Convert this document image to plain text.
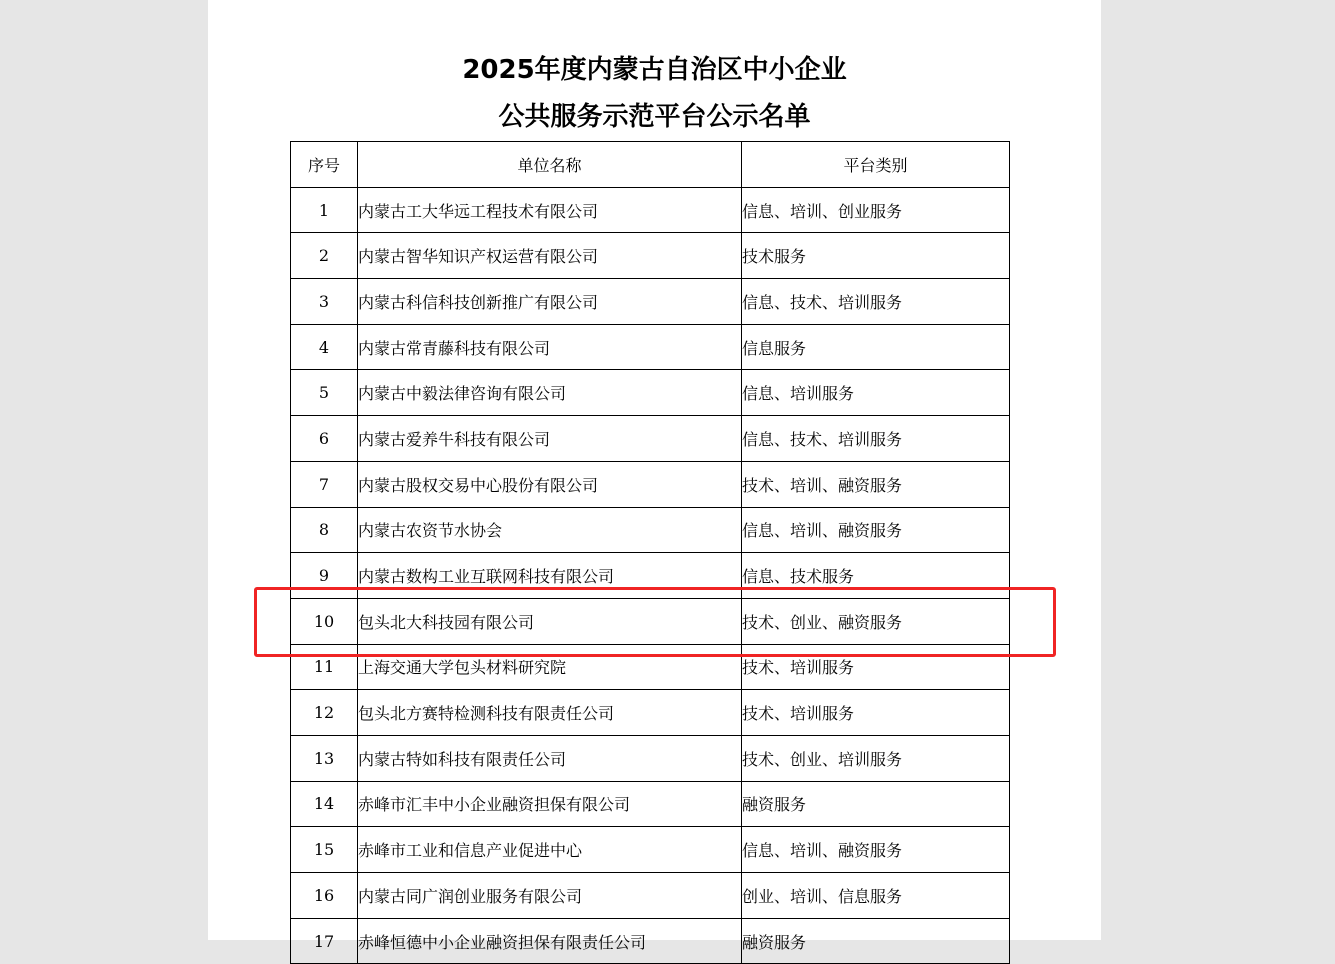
2025年度内蒙古自治区中小企业
公共服务示范平台公示名单
序号	单位名称	平台类别
1	内蒙古工大华远工程技术有限公司	信息、培训、创业服务
2	内蒙古智华知识产权运营有限公司	技术服务
3	内蒙古科信科技创新推广有限公司	信息、技术、培训服务
4	内蒙古常青藤科技有限公司	信息服务
5	内蒙古中毅法律咨询有限公司	信息、培训服务
6	内蒙古爱养牛科技有限公司	信息、技术、培训服务
7	内蒙古股权交易中心股份有限公司	技术、培训、融资服务
8	内蒙古农资节水协会	信息、培训、融资服务
9	内蒙古数构工业互联网科技有限公司	信息、技术服务
10	包头北大科技园有限公司	技术、创业、融资服务
11	上海交通大学包头材料研究院	技术、培训服务
12	包头北方赛特检测科技有限责任公司	技术、培训服务
13	内蒙古特如科技有限责任公司	技术、创业、培训服务
14	赤峰市汇丰中小企业融资担保有限公司	融资服务
15	赤峰市工业和信息产业促进中心	信息、培训、融资服务
16	内蒙古同广润创业服务有限公司	创业、培训、信息服务
17	赤峰恒德中小企业融资担保有限责任公司	融资服务
